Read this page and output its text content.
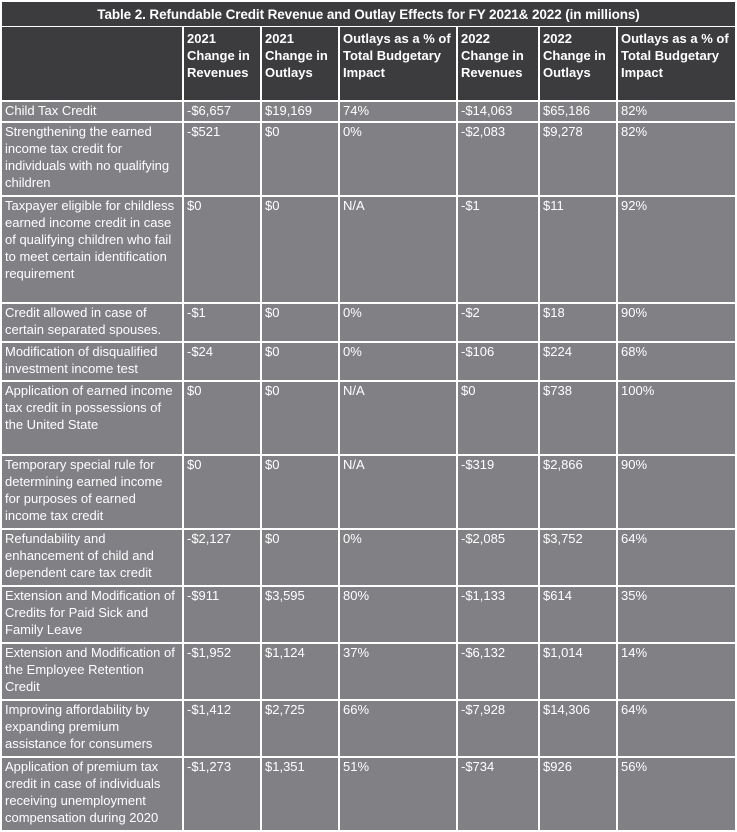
Table 2. Refundable Credit Revenue and Outlay Effects for FY 2021& 2022 (in millions)

	2021
Change in
Revenues	2021
Change in
Outlays	Outlays as a % of
Total Budgetary
Impact	2022
Change in
Revenues	2022
Change in
Outlays	Outlays as a % of
Total Budgetary
Impact

Child Tax Credit	-$6,657	$19,169	74%	-$14,063	$65,186	82%
Strengthening the earned income tax credit for individuals with no qualifying children	-$521	$0	0%	-$2,083	$9,278	82%
Taxpayer eligible for childless earned income credit in case of qualifying children who fail to meet certain identification requirement	$0	$0	N/A	-$1	$11	92%
Credit allowed in case of certain separated spouses.	-$1	$0	0%	-$2	$18	90%
Modification of disqualified investment income test	-$24	$0	0%	-$106	$224	68%
Application of earned income tax credit in possessions of the United State	$0	$0	N/A	$0	$738	100%
Temporary special rule for determining earned income for purposes of earned income tax credit	$0	$0	N/A	-$319	$2,866	90%
Refundability and enhancement of child and dependent care tax credit	-$2,127	$0	0%	-$2,085	$3,752	64%
Extension and Modification of Credits for Paid Sick and Family Leave	-$911	$3,595	80%	-$1,133	$614	35%
Extension and Modification of the Employee Retention Credit	-$1,952	$1,124	37%	-$6,132	$1,014	14%
Improving affordability by expanding premium assistance for consumers	-$1,412	$2,725	66%	-$7,928	$14,306	64%
Application of premium tax credit in case of individuals receiving unemployment compensation during 2020	-$1,273	$1,351	51%	-$734	$926	56%
